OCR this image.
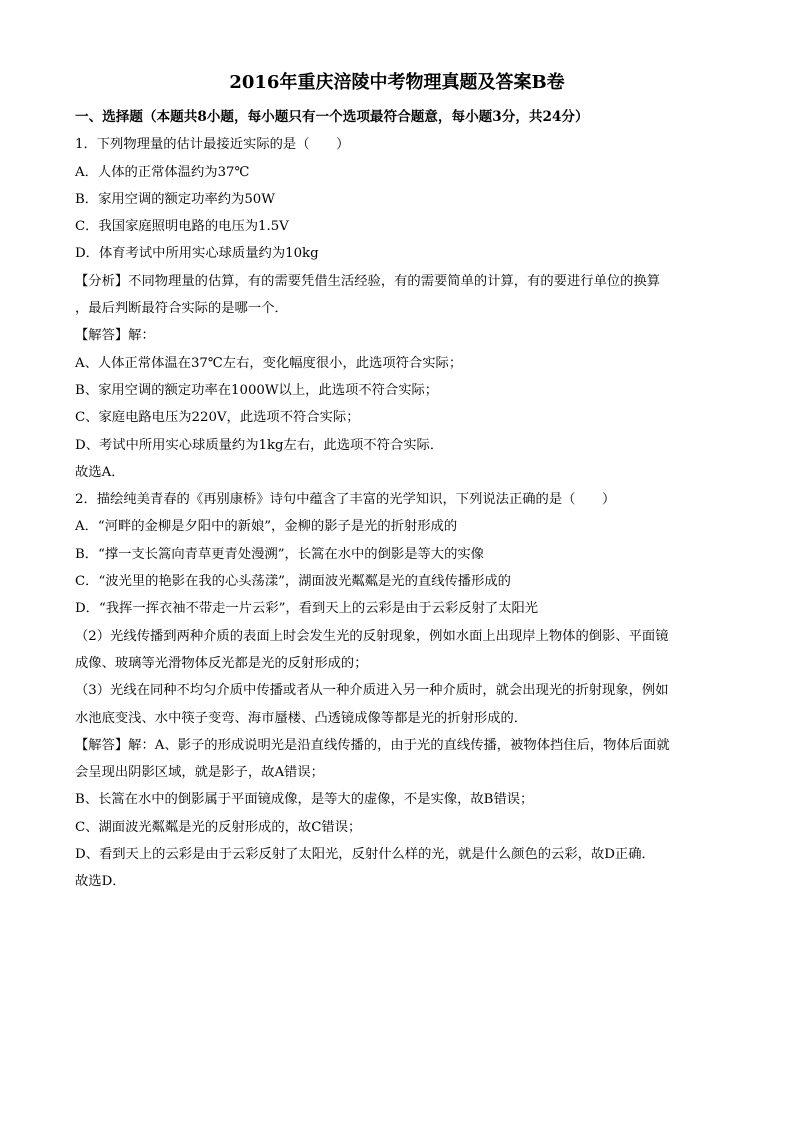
2016年重庆涪陵中考物理真题及答案B卷
一、选择题（本题共8小题，每小题只有一个选项最符合题意，每小题3分，共24分）
1．下列物理量的估计最接近实际的是（　　）
A．人体的正常体温约为37℃
B．家用空调的额定功率约为50W
C．我国家庭照明电路的电压为1.5V
D．体育考试中所用实心球质量约为10kg
【分析】不同物理量的估算，有的需要凭借生活经验，有的需要简单的计算，有的要进行单位的换算
，最后判断最符合实际的是哪一个．
【解答】解：
A、人体正常体温在37℃左右，变化幅度很小，此选项符合实际；
B、家用空调的额定功率在1000W以上，此选项不符合实际；
C、家庭电路电压为220V，此选项不符合实际；
D、考试中所用实心球质量约为1kg左右，此选项不符合实际．
故选A．
2．描绘纯美青春的《再别康桥》诗句中蕴含了丰富的光学知识，下列说法正确的是（　　）
A．“河畔的金柳是夕阳中的新娘”，金柳的影子是光的折射形成的
B．“撑一支长篙向青草更青处漫溯”，长篙在水中的倒影是等大的实像
C．“波光里的艳影在我的心头荡漾”，湖面波光粼粼是光的直线传播形成的
D．“我挥一挥衣袖不带走一片云彩”，看到天上的云彩是由于云彩反射了太阳光
（2）光线传播到两种介质的表面上时会发生光的反射现象，例如水面上出现岸上物体的倒影、平面镜
成像、玻璃等光滑物体反光都是光的反射形成的；
（3）光线在同种不均匀介质中传播或者从一种介质进入另一种介质时，就会出现光的折射现象，例如
水池底变浅、水中筷子变弯、海市蜃楼、凸透镜成像等都是光的折射形成的．
【解答】解：A、影子的形成说明光是沿直线传播的，由于光的直线传播，被物体挡住后，物体后面就
会呈现出阴影区域，就是影子，故A错误；
B、长篙在水中的倒影属于平面镜成像，是等大的虚像，不是实像，故B错误；
C、湖面波光粼粼是光的反射形成的，故C错误；
D、看到天上的云彩是由于云彩反射了太阳光，反射什么样的光，就是什么颜色的云彩，故D正确．
故选D．
